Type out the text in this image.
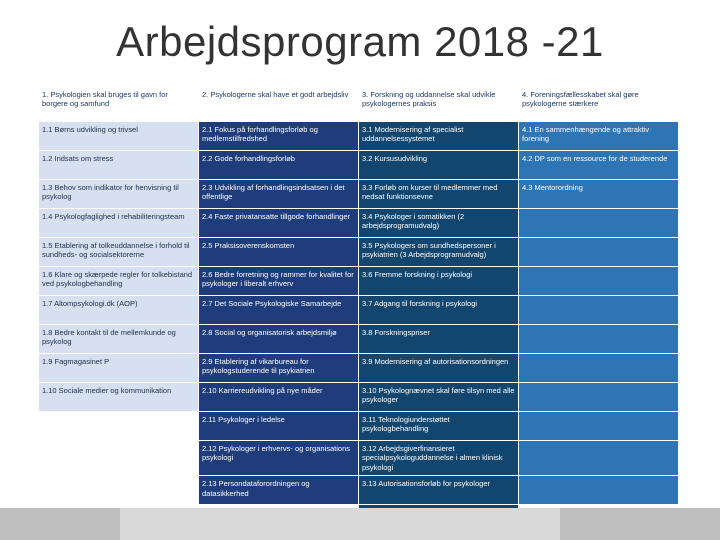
Arbejdsprogram 2018 -21
1. Psykologien skal bruges til gavn for borgere og samfund	2. Psykologerne skal have et godt arbejdsliv	3. Forskning og uddannelse skal udvikle psykologernes praksis	4. Foreningsfællesskabet skal gøre psykologerne stærkere
1.1 Børns udvikling og trivsel	2.1 Fokus på forhandlingsforløb og medlemstilfredshed	3.1 Modernisering af specialist uddannelsessystemet	4.1 En sammenhængende og attraktiv forening
1.2 Indsats om stress	2.2 Gode forhandlingsforløb	3.2 Kursusudvikling	4.2 DP som en ressource for de studerende
1.3 Behov som indikator for henvisning til psykolog	2.3 Udvikling af forhandlingsindsatsen i det offentlige	3.3 Forløb om kurser til medlemmer med nedsat funktionsevne	4.3 Mentorordning
1.4 Psykologfaglighed i rehabiliteringsteam	2.4 Faste privatansatte tillgode forhandlinger	3.4 Psykologer i somatikken (2 arbejdsprogramudvalg)	
1.5 Etablering af tolkeuddannelse i forhold til sundheds- og socialsektorerne	2.5 Praksisoverenskomsten	3.5 Psykologers om sundhedspersoner i psykiatrien (3 Arbejdsprogramudvalg)	
1.6 Klare og skærpede regler for tolkebistand ved psykologbehandling	2.6 Bedre forretning og rammer for kvalitet for psykologer i liberalt erhverv	3.6 Fremme forskning i psykologi	
1.7 Altompsykologi.dk (AOP)	2.7 Det Sociale Psykologiske Samarbejde	3.7 Adgang til forskning i psykologi	
1.8 Bedre kontakt til de mellemkunde og psykolog	2.8 Social og organisatorisk arbejdsmiljø	3.8 Forskningspriser	
1.9 Fagmagasinet P	2.9 Etablering af vikarbureau for psykologstuderende til psykiatrien	3.9 Modernisering af autorisationsordningen	
1.10 Sociale medier og kommunikation	2.10 Karriereudvikling på nye måder	3.10 Psykolognævnet skal føre tilsyn med alle psykologer	
	2.11 Psykologer i ledelse	3.11 Teknologiunderstøttet psykologbehandling	
	2.12 Psykologer i erhvervs- og organisations psykologi	3.12 Arbejdsgiverfinansieret specialpsykologuddannelse i almen klinisk psykologi	
	2.13 Persondataforordningen og datasikkerhed	3.13 Autorisationsforløb for psykologer	
